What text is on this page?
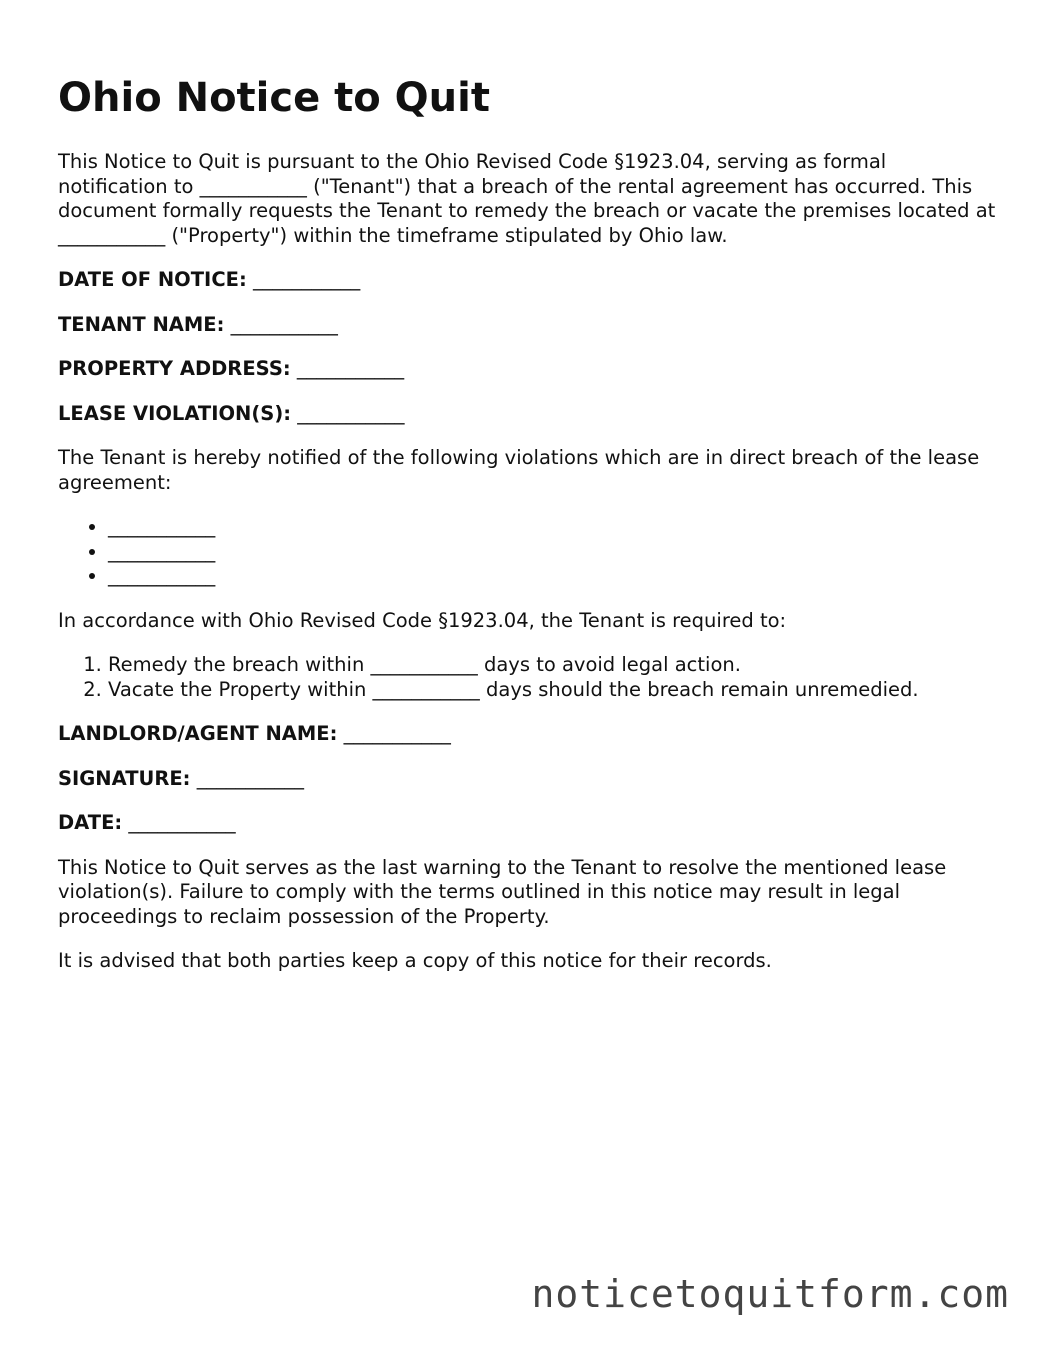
Ohio Notice to Quit

This Notice to Quit is pursuant to the Ohio Revised Code §1923.04, serving as formal notification to ___________ ("Tenant") that a breach of the rental agreement has occurred. This document formally requests the Tenant to remedy the breach or vacate the premises located at ___________ ("Property") within the timeframe stipulated by Ohio law.

DATE OF NOTICE: ___________
TENANT NAME: ___________
PROPERTY ADDRESS: ___________
LEASE VIOLATION(S): ___________

The Tenant is hereby notified of the following violations which are in direct breach of the lease agreement:

• ___________
• ___________
• ___________

In accordance with Ohio Revised Code §1923.04, the Tenant is required to:

1. Remedy the breach within ___________ days to avoid legal action.
2. Vacate the Property within ___________ days should the breach remain unremedied.
LANDLORD/AGENT NAME: ___________
SIGNATURE: ___________
DATE: ___________

This Notice to Quit serves as the last warning to the Tenant to resolve the mentioned lease violation(s). Failure to comply with the terms outlined in this notice may result in legal proceedings to reclaim possession of the Property.

It is advised that both parties keep a copy of this notice for their records.

noticetoquitform.com
